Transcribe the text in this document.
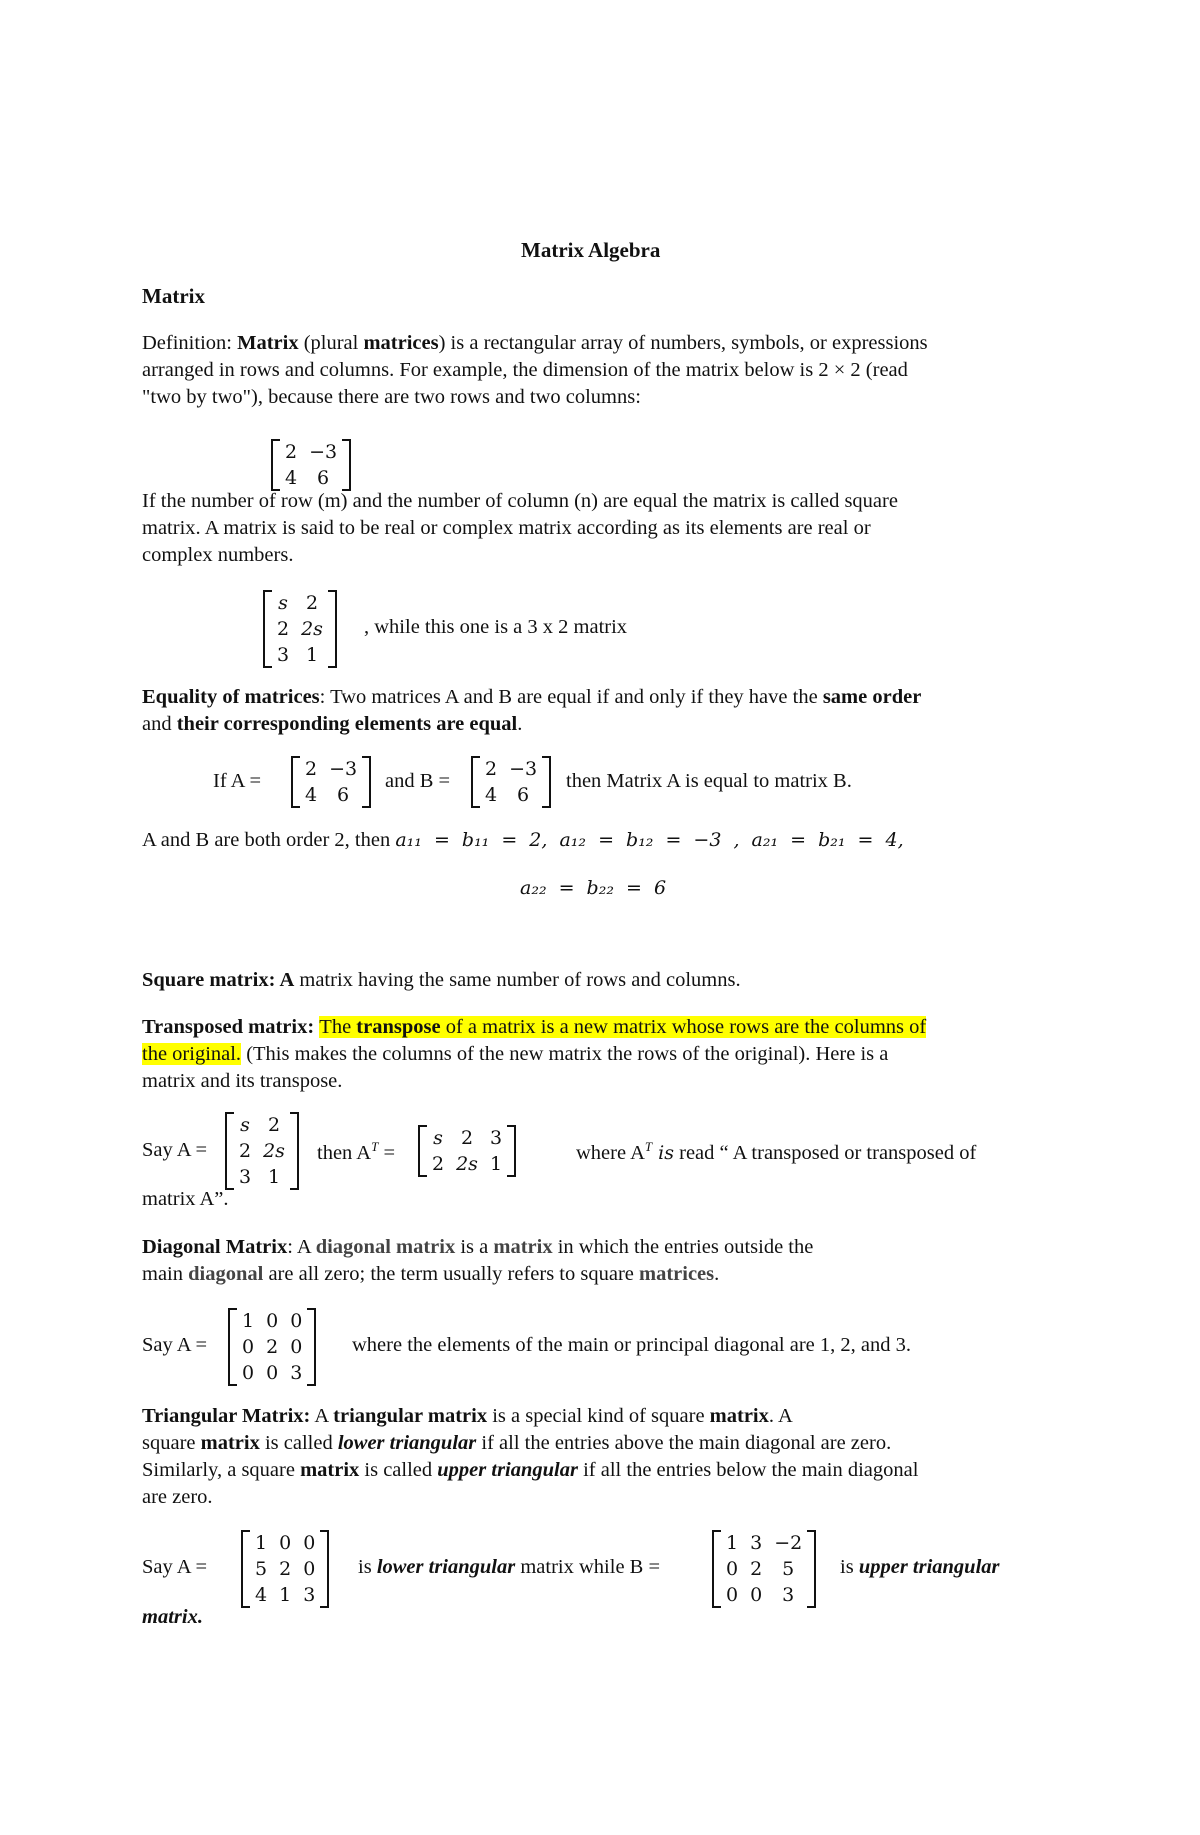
Matrix Algebra
Matrix
Definition: Matrix (plural matrices) is a rectangular array of numbers, symbols, or expressions
arranged in rows and columns. For example, the dimension of the matrix below is 2 × 2 (read
"two by two"), because there are two rows and two columns:
2	−3
4	6
If the number of row (m) and the number of column (n) are equal the matrix is called square
matrix. A matrix is said to be real or complex matrix according as its elements are real or
complex numbers.
s	2
2	2s
3	1
, while this one is a 3 x 2 matrix
Equality of matrices: Two matrices A and B are equal if and only if they have the same order
and their corresponding elements are equal.
If A =
2	−3
4	6
and B =
2	−3
4	6
then Matrix A is equal to matrix B.
A and B are both order 2, then a₁₁ = b₁₁ = 2, a₁₂ = b₁₂ = −3 , a₂₁ = b₂₁ = 4,
a₂₂ = b₂₂ = 6
Square matrix: A matrix having the same number of rows and columns.
Transposed matrix: The transpose of a matrix is a new matrix whose rows are the columns of
the original. (This makes the columns of the new matrix the rows of the original). Here is a
matrix and its transpose.
Say A =
s	2
2	2s
3	1
then $A^T$ =
s	2	3
2	2s	1
where $A^T$ is read “ A transposed or transposed of
matrix A”.
Diagonal Matrix: A diagonal matrix is a matrix in which the entries outside the
main diagonal are all zero; the term usually refers to square matrices.
Say A =
1	0	0
0	2	0
0	0	3
where the elements of the main or principal diagonal are 1, 2, and 3.
Triangular Matrix: A triangular matrix is a special kind of square matrix. A
square matrix is called lower triangular if all the entries above the main diagonal are zero.
Similarly, a square matrix is called upper triangular if all the entries below the main diagonal
are zero.
Say A =
1	0	0
5	2	0
4	1	3
is lower triangular matrix while B =
1	3	−2
0	2	5
0	0	3
is upper triangular
matrix.
